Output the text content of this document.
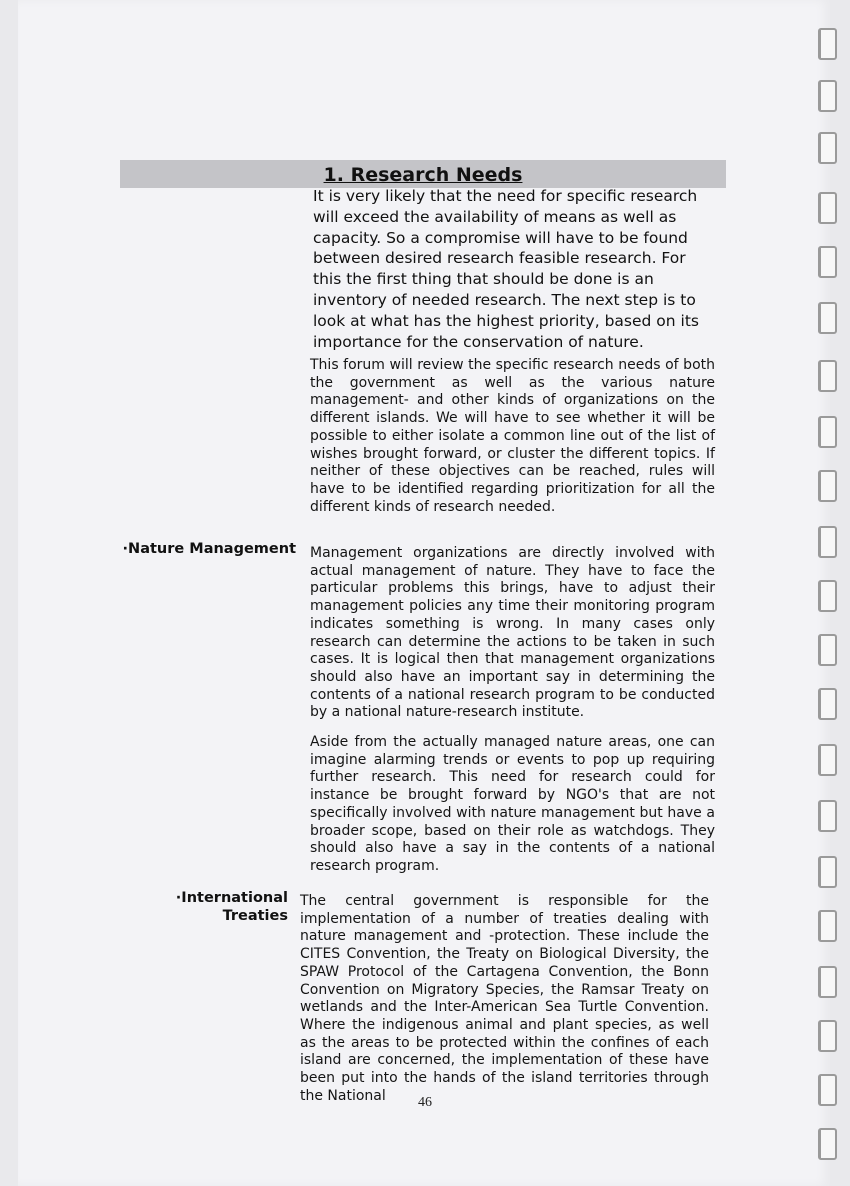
1. Research Needs
It is very likely that the need for specific research will exceed the availability of means as well as capacity. So a compromise will have to be found between desired research feasible research. For this the first thing that should be done is an inventory of needed research. The next step is to look at what has the highest priority, based on its importance for the conservation of nature.
This forum will review the specific research needs of both the government as well as the various nature management- and other kinds of organizations on the different islands. We will have to see whether it will be possible to either isolate a common line out of the list of wishes brought forward, or cluster the different topics. If neither of these objectives can be reached, rules will have to be identified regarding prioritization for all the different kinds of research needed.
·Nature Management Management organizations are directly involved with actual management of nature. They have to face the particular problems this brings, have to adjust their management policies any time their monitoring program indicates something is wrong. In many cases only research can determine the actions to be taken in such cases. It is logical then that management organizations should also have an important say in determining the contents of a national research program to be conducted by a national nature-research institute.
Aside from the actually managed nature areas, one can imagine alarming trends or events to pop up requiring further research. This need for research could for instance be brought forward by NGO's that are not specifically involved with nature management but have a broader scope, based on their role as watchdogs. They should also have a say in the contents of a national research program.
·International
Treaties
The central government is responsible for the implementation of a number of treaties dealing with nature management and -protection. These include the CITES Convention, the Treaty on Biological Diversity, the SPAW Protocol of the Cartagena Convention, the Bonn Convention on Migratory Species, the Ramsar Treaty on wetlands and the Inter-American Sea Turtle Convention. Where the indigenous animal and plant species, as well as the areas to be protected within the confines of each island are concerned, the implementation of these have been put into the hands of the island territories through the National	46
